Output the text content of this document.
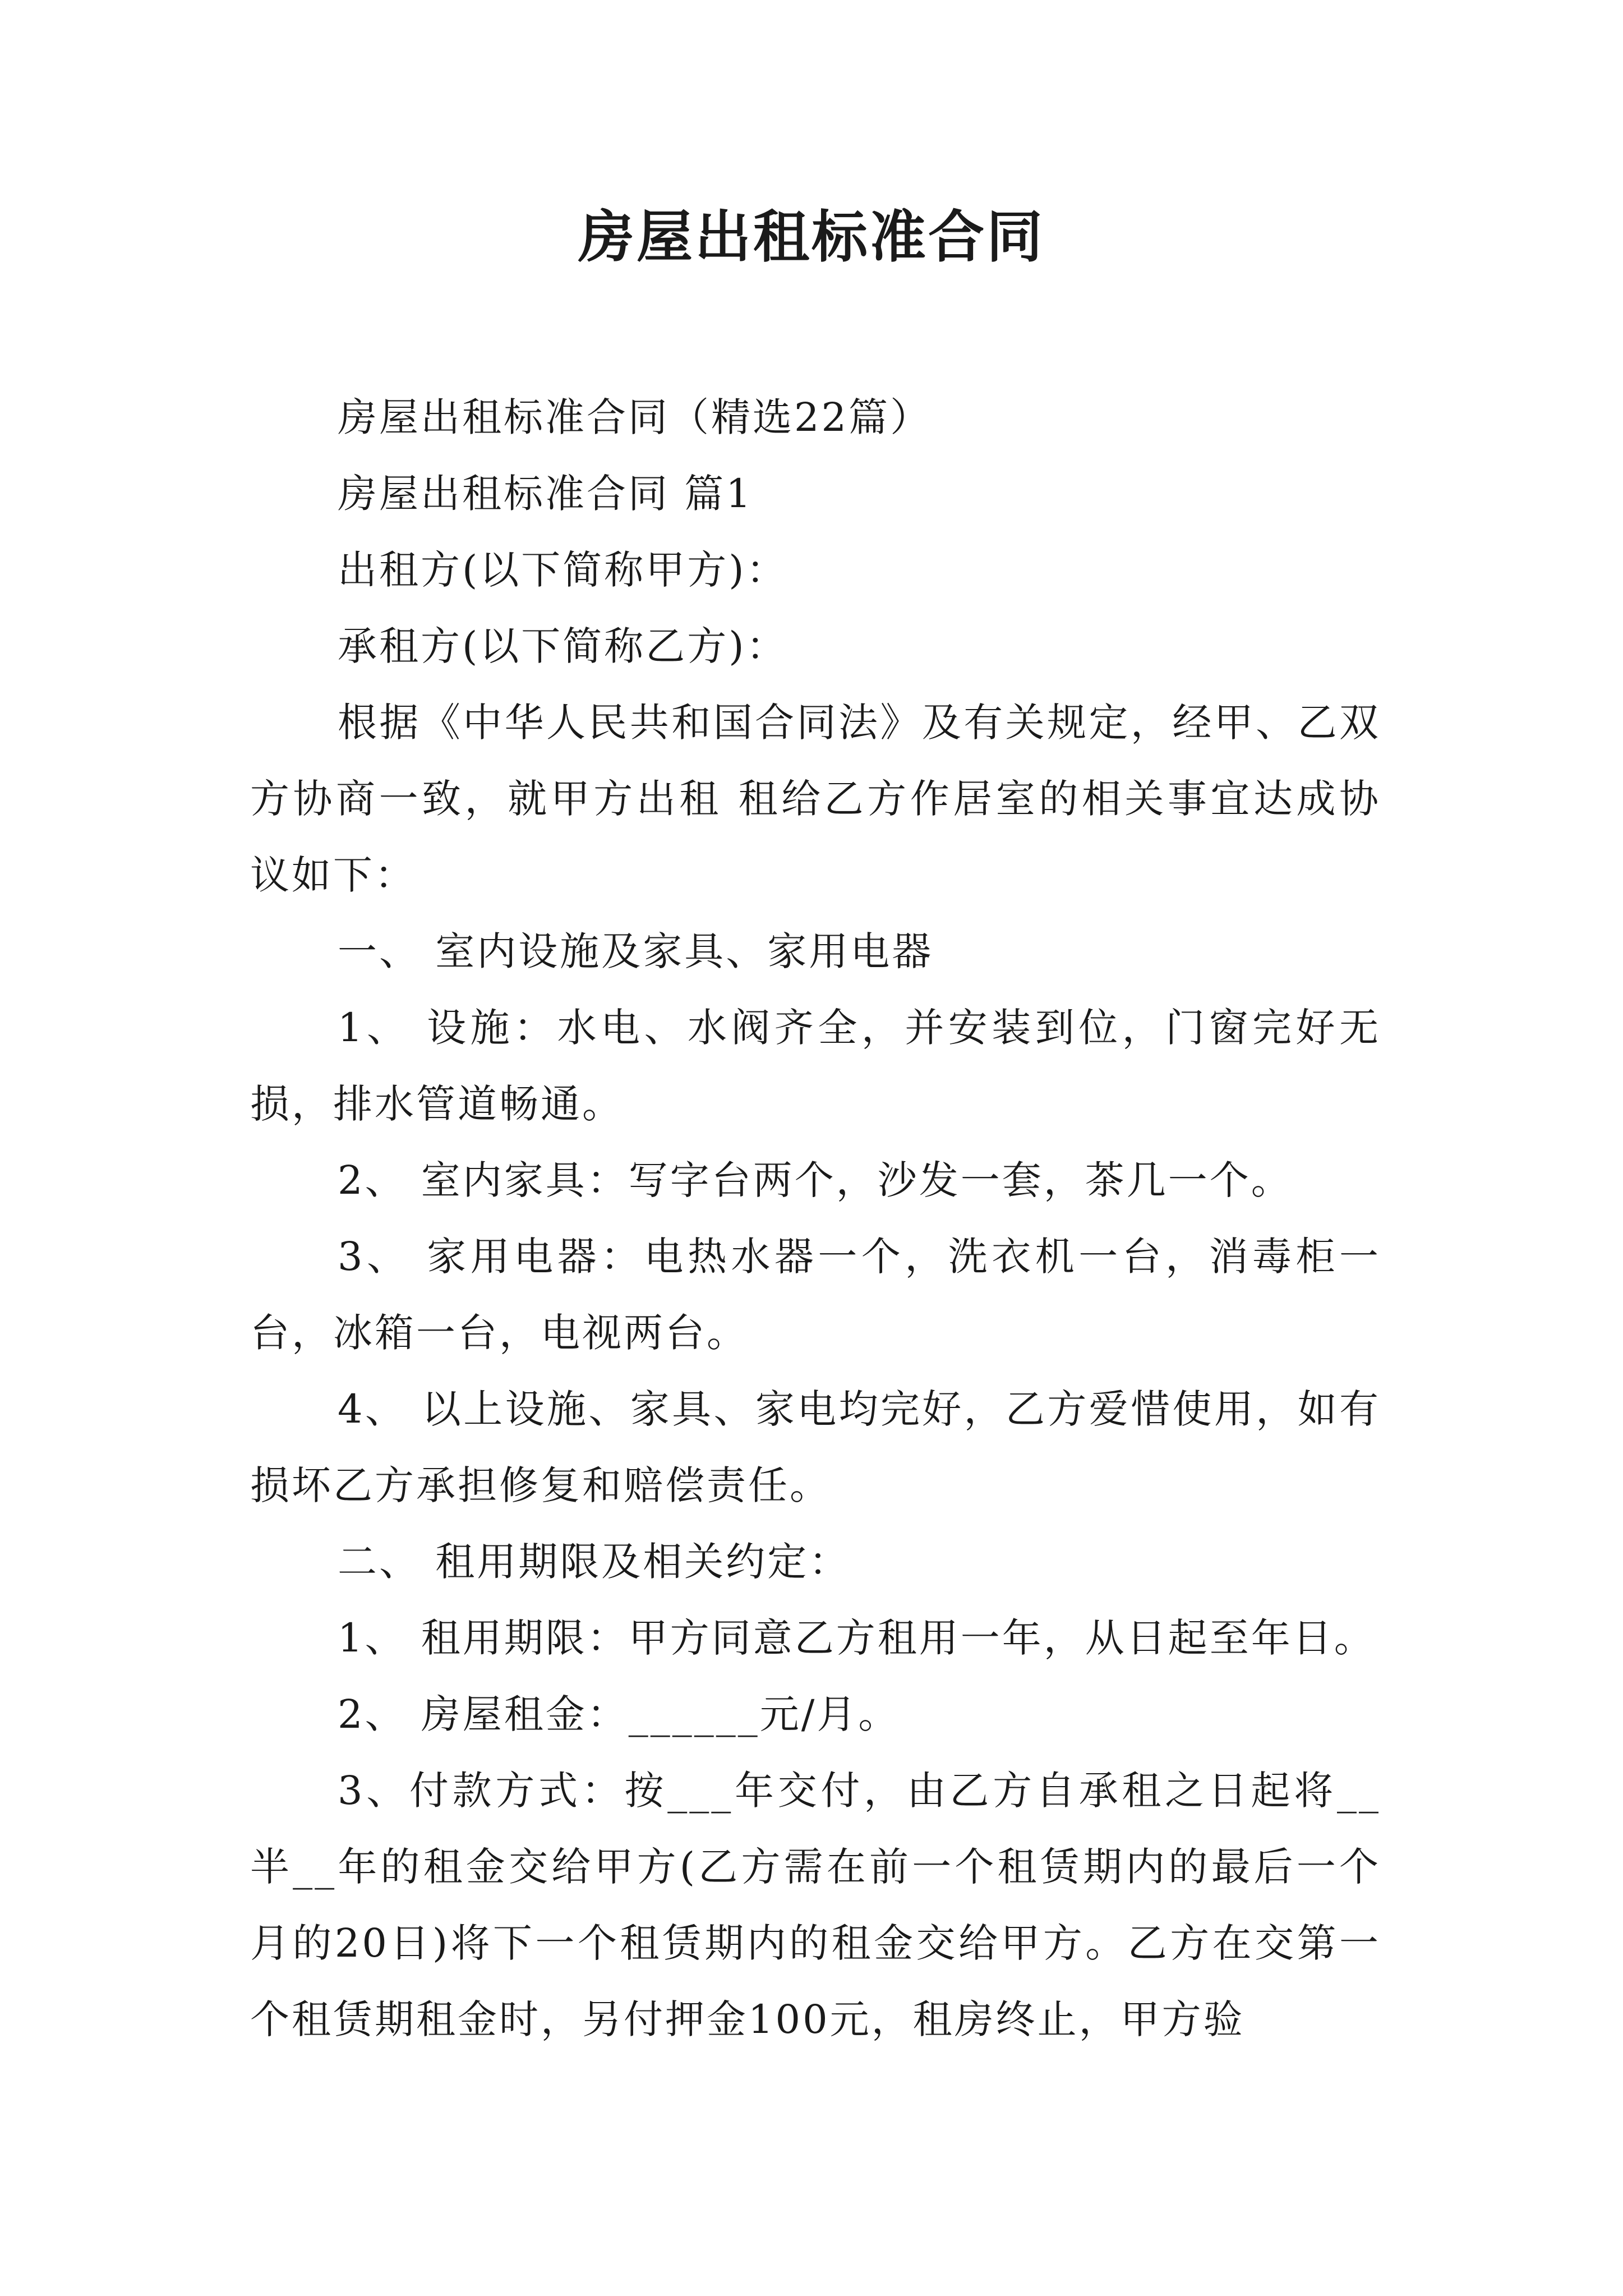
房屋出租标准合同

房屋出租标准合同（精选22篇）

房屋出租标准合同 篇1

出租方(以下简称甲方)：

承租方(以下简称乙方)：

根据《中华人民共和国合同法》及有关规定，经甲、乙双方协商一致，就甲方出租 租给乙方作居室的相关事宜达成协议如下：

一、 室内设施及家具、家用电器

1、 设施：水电、水阀齐全，并安装到位，门窗完好无损，排水管道畅通。

2、 室内家具：写字台两个，沙发一套，茶几一个。

3、 家用电器：电热水器一个，洗衣机一台，消毒柜一台，冰箱一台，电视两台。

4、 以上设施、家具、家电均完好，乙方爱惜使用，如有损坏乙方承担修复和赔偿责任。

二、 租用期限及相关约定：

1、 租用期限：甲方同意乙方租用一年，从日起至年日。

2、 房屋租金：______元/月。

3、付款方式：按___年交付，由乙方自承租之日起将__半__年的租金交给甲方(乙方需在前一个租赁期内的最后一个月的20日)将下一个租赁期内的租金交给甲方。乙方在交第一个租赁期租金时，另付押金100元，租房终止，甲方验
